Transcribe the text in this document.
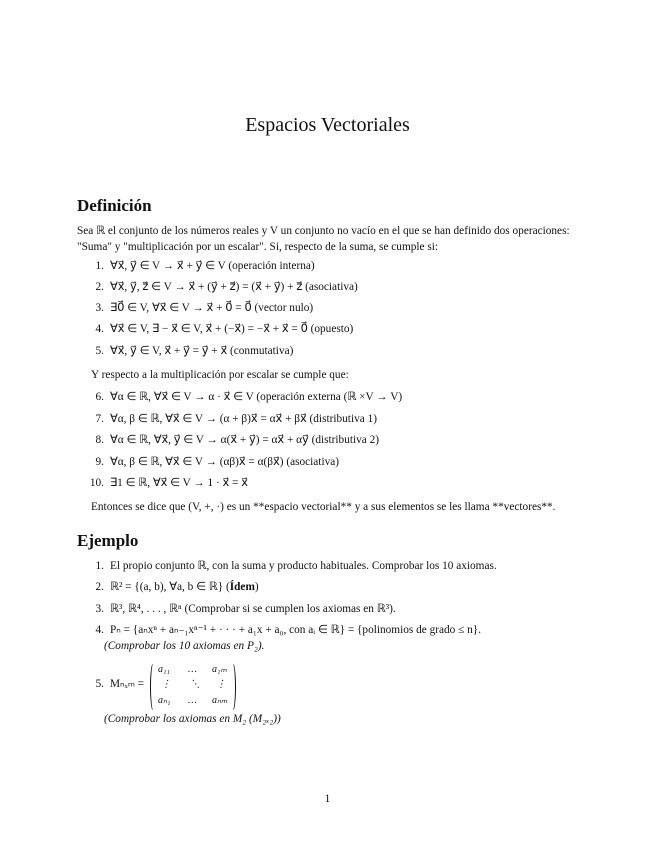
Espacios Vectoriales
Definición
Sea ℝ el conjunto de los números reales y V un conjunto no vacío en el que se han definido dos operaciones:
"Suma" y "multiplicación por un escalar". Si, respecto de la suma, se cumple si:
1. ∀x⃗, y⃗ ∈ V → x⃗ + y⃗ ∈ V (operación interna)
2. ∀x⃗, y⃗, z⃗ ∈ V → x⃗ + (y⃗ + z⃗) = (x⃗ + y⃗) + z⃗ (asociativa)
3. ∃0⃗ ∈ V, ∀x⃗ ∈ V → x⃗ + 0⃗ = 0⃗ (vector nulo)
4. ∀x⃗ ∈ V, ∃ − x⃗ ∈ V, x⃗ + (−x⃗) = −x⃗ + x⃗ = 0⃗ (opuesto)
5. ∀x⃗, y⃗ ∈ V, x⃗ + y⃗ = y⃗ + x⃗ (conmutativa)
Y respecto a la multiplicación por escalar se cumple que:
6. ∀α ∈ ℝ, ∀x⃗ ∈ V → α · x⃗ ∈ V (operación externa (ℝ ×V → V)
7. ∀α, β ∈ ℝ, ∀x⃗ ∈ V → (α + β)x⃗ = αx⃗ + βx⃗ (distributiva 1)
8. ∀α ∈ ℝ, ∀x⃗, y⃗ ∈ V → α(x⃗ + y⃗) = αx⃗ + αy⃗ (distributiva 2)
9. ∀α, β ∈ ℝ, ∀x⃗ ∈ V → (αβ)x⃗ = α(βx⃗) (asociativa)
10. ∃1 ∈ ℝ, ∀x⃗ ∈ V → 1 · x⃗ = x⃗
Entonces se dice que (V, +, ·) es un **espacio vectorial** y a sus elementos se les llama **vectores**.
Ejemplo
1. El propio conjunto ℝ, con la suma y producto habituales. Comprobar los 10 axiomas.
2. ℝ² = {(a, b), ∀a, b ∈ ℝ} (Ídem)
3. ℝ³, ℝ⁴, . . . , ℝⁿ (Comprobar si se cumplen los axiomas en ℝ³).
4. Pₙ = {aₙxⁿ + aₙ₋₁xⁿ⁻¹ + · · · + a₁x + a₀, con aᵢ ∈ ℝ} = {polinomios de grado ≤ n}.
(Comprobar los 10 axiomas en P₂).
5. Mₙₓₘ =
a₁₁ … a₁ₘ
⋮ ⋱ ⋮
aₙ₁ … aₙₘ
(Comprobar los axiomas en M₂ (M₂ₓ₂))
1
